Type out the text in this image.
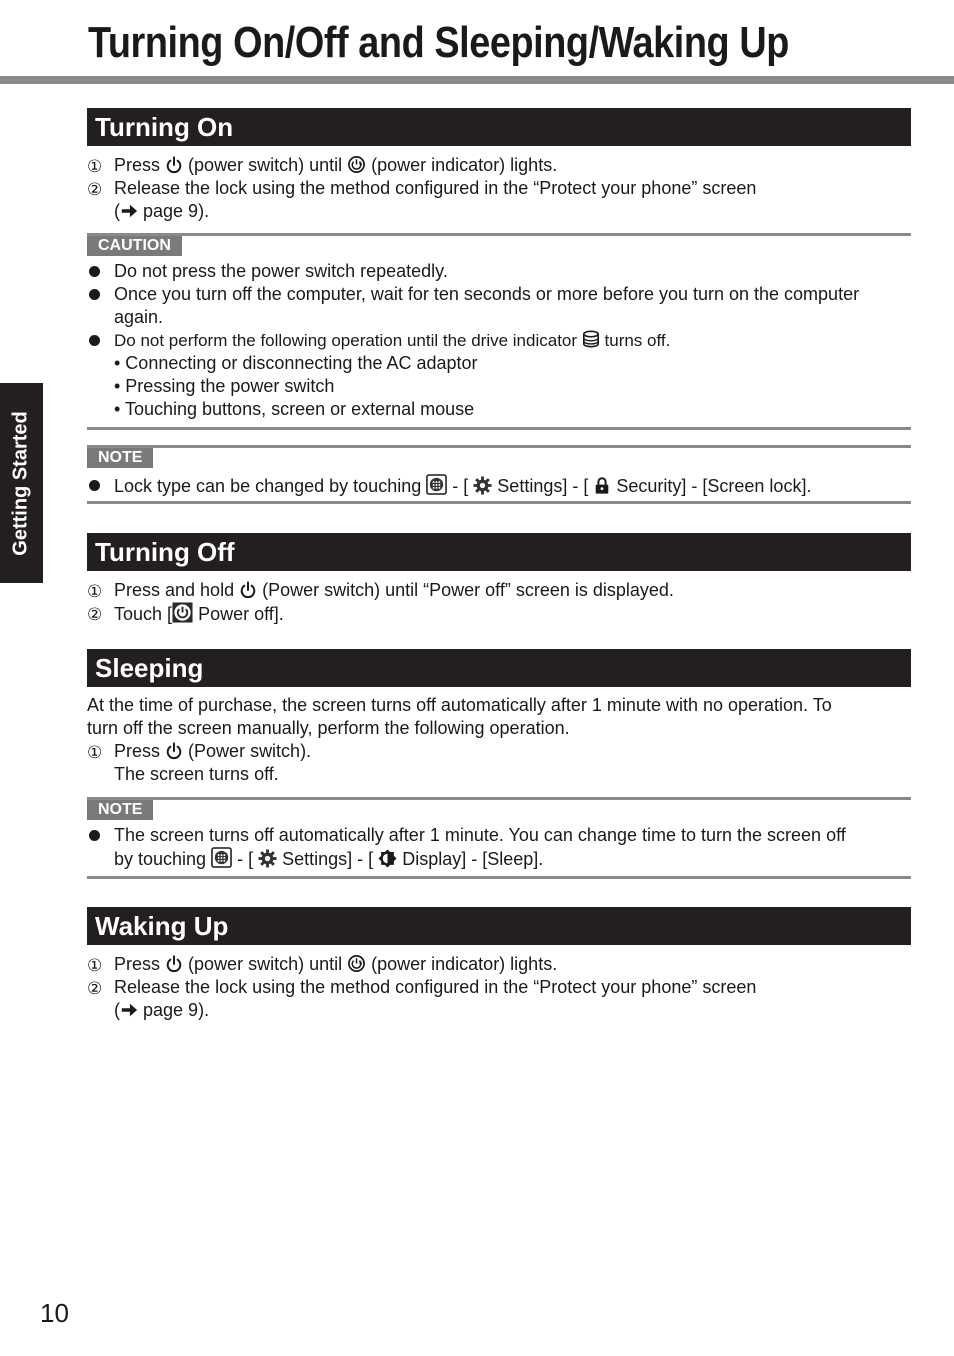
Turning On/Off and Sleeping/Waking Up
Getting Started
Turning On
① Press (power switch) until (power indicator) lights.
② Release the lock using the method configured in the “Protect your phone” screen
( page 9).
CAUTION
Do not press the power switch repeatedly.
Once you turn off the computer, wait for ten seconds or more before you turn on the computer
again.
Do not perform the following operation until the drive indicator turns off.
• Connecting or disconnecting the AC adaptor
• Pressing the power switch
• Touching buttons, screen or external mouse
NOTE
Lock type can be changed by touching - [ Settings] - [ Security] - [Screen lock].
Turning Off
① Press and hold (Power switch) until “Power off” screen is displayed.
② Touch [ Power off].
Sleeping
At the time of purchase, the screen turns off automatically after 1 minute with no operation. To
turn off the screen manually, perform the following operation.
① Press (Power switch).
The screen turns off.
NOTE
The screen turns off automatically after 1 minute. You can change time to turn the screen off
by touching - [ Settings] - [ Display] - [Sleep].
Waking Up
① Press (power switch) until (power indicator) lights.
② Release the lock using the method configured in the “Protect your phone” screen
( page 9).
10
